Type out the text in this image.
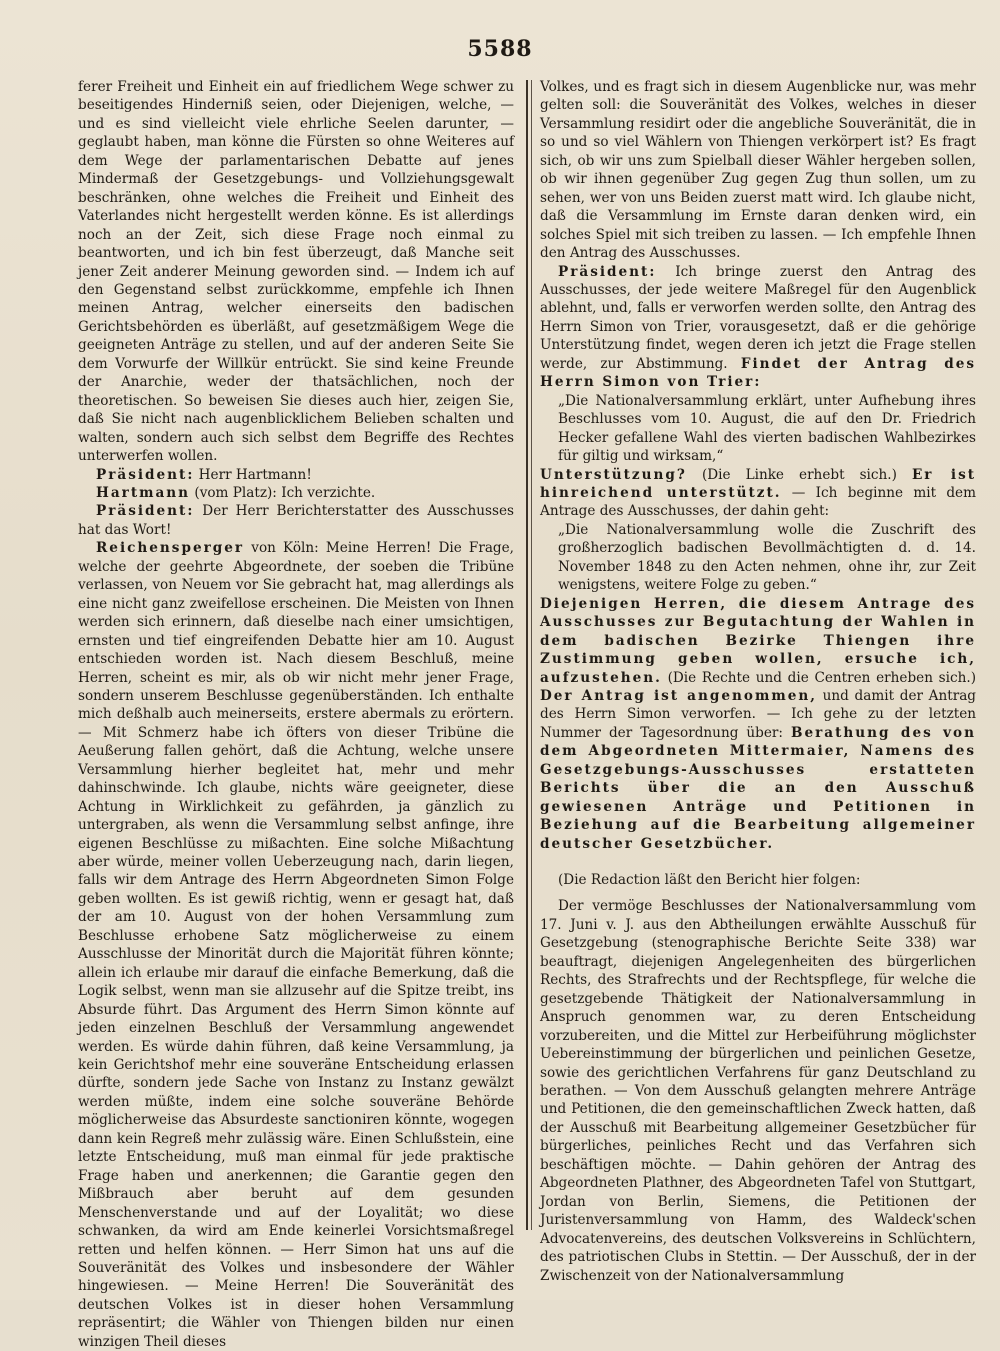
5588

ferer Freiheit und Einheit ein auf friedlichem Wege schwer zu beseitigendes Hinderniß seien, oder Diejenigen, welche, — und es sind vielleicht viele ehrliche Seelen darunter, — geglaubt haben, man könne die Fürsten so ohne Weiteres auf dem Wege der parlamentarischen Debatte auf jenes Mindermaß der Gesetzgebungs- und Vollziehungsgewalt beschränken, ohne welches die Freiheit und Einheit des Vaterlandes nicht hergestellt werden könne. Es ist allerdings noch an der Zeit, sich diese Frage noch einmal zu beantworten, und ich bin fest überzeugt, daß Manche seit jener Zeit anderer Meinung geworden sind. — Indem ich auf den Gegenstand selbst zurückkomme, empfehle ich Ihnen meinen Antrag, welcher einerseits den badischen Gerichtsbehörden es überläßt, auf gesetzmäßigem Wege die geeigneten Anträge zu stellen, und auf der anderen Seite Sie dem Vorwurfe der Willkür entrückt. Sie sind keine Freunde der Anarchie, weder der thatsächlichen, noch der theoretischen. So beweisen Sie dieses auch hier, zeigen Sie, daß Sie nicht nach augenblicklichem Belieben schalten und walten, sondern auch sich selbst dem Begriffe des Rechtes unterwerfen wollen.

Präsident: Herr Hartmann!

Hartmann (vom Platz): Ich verzichte.

Präsident: Der Herr Berichterstatter des Ausschusses hat das Wort!

Reichensperger von Köln: Meine Herren! Die Frage, welche der geehrte Abgeordnete, der soeben die Tribüne verlassen, von Neuem vor Sie gebracht hat, mag allerdings als eine nicht ganz zweifellose erscheinen. Die Meisten von Ihnen werden sich erinnern, daß dieselbe nach einer umsichtigen, ernsten und tief eingreifenden Debatte hier am 10. August entschieden worden ist. Nach diesem Beschluß, meine Herren, scheint es mir, als ob wir nicht mehr jener Frage, sondern unserem Beschlusse gegenüberständen. Ich enthalte mich deßhalb auch meinerseits, erstere abermals zu erörtern. — Mit Schmerz habe ich öfters von dieser Tribüne die Aeußerung fallen gehört, daß die Achtung, welche unsere Versammlung hierher begleitet hat, mehr und mehr dahinschwinde. Ich glaube, nichts wäre geeigneter, diese Achtung in Wirklichkeit zu gefährden, ja gänzlich zu untergraben, als wenn die Versammlung selbst anfinge, ihre eigenen Beschlüsse zu mißachten. Eine solche Mißachtung aber würde, meiner vollen Ueberzeugung nach, darin liegen, falls wir dem Antrage des Herrn Abgeordneten Simon Folge geben wollten. Es ist gewiß richtig, wenn er gesagt hat, daß der am 10. August von der hohen Versammlung zum Beschlusse erhobene Satz möglicherweise zu einem Ausschlusse der Minorität durch die Majorität führen könnte; allein ich erlaube mir darauf die einfache Bemerkung, daß die Logik selbst, wenn man sie allzusehr auf die Spitze treibt, ins Absurde führt. Das Argument des Herrn Simon könnte auf jeden einzelnen Beschluß der Versammlung angewendet werden. Es würde dahin führen, daß keine Versammlung, ja kein Gerichtshof mehr eine souveräne Entscheidung erlassen dürfte, sondern jede Sache von Instanz zu Instanz gewälzt werden müßte, indem eine solche souveräne Behörde möglicherweise das Absurdeste sanctioniren könnte, wogegen dann kein Regreß mehr zulässig wäre. Einen Schlußstein, eine letzte Entscheidung, muß man einmal für jede praktische Frage haben und anerkennen; die Garantie gegen den Mißbrauch aber beruht auf dem gesunden Menschenverstande und auf der Loyalität; wo diese schwanken, da wird am Ende keinerlei Vorsichtsmaßregel retten und helfen können. — Herr Simon hat uns auf die Souveränität des Volkes und insbesondere der Wähler hingewiesen. — Meine Herren! Die Souveränität des deutschen Volkes ist in dieser hohen Versammlung repräsentirt; die Wähler von Thiengen bilden nur einen winzigen Theil dieses

Volkes, und es fragt sich in diesem Augenblicke nur, was mehr gelten soll: die Souveränität des Volkes, welches in dieser Versammlung residirt oder die angebliche Souveränität, die in so und so viel Wählern von Thiengen verkörpert ist? Es fragt sich, ob wir uns zum Spielball dieser Wähler hergeben sollen, ob wir ihnen gegenüber Zug gegen Zug thun sollen, um zu sehen, wer von uns Beiden zuerst matt wird. Ich glaube nicht, daß die Versammlung im Ernste daran denken wird, ein solches Spiel mit sich treiben zu lassen. — Ich empfehle Ihnen den Antrag des Ausschusses.

Präsident: Ich bringe zuerst den Antrag des Ausschusses, der jede weitere Maßregel für den Augenblick ablehnt, und, falls er verworfen werden sollte, den Antrag des Herrn Simon von Trier, vorausgesetzt, daß er die gehörige Unterstützung findet, wegen deren ich jetzt die Frage stellen werde, zur Abstimmung. Findet der Antrag des Herrn Simon von Trier:

„Die Nationalversammlung erklärt, unter Aufhebung ihres Beschlusses vom 10. August, die auf den Dr. Friedrich Hecker gefallene Wahl des vierten badischen Wahlbezirkes für giltig und wirksam,“

Unterstützung? (Die Linke erhebt sich.) Er ist hinreichend unterstützt. — Ich beginne mit dem Antrage des Ausschusses, der dahin geht:

„Die Nationalversammlung wolle die Zuschrift des großherzoglich badischen Bevollmächtigten d. d. 14. November 1848 zu den Acten nehmen, ohne ihr, zur Zeit wenigstens, weitere Folge zu geben.“

Diejenigen Herren, die diesem Antrage des Ausschusses zur Begutachtung der Wahlen in dem badischen Bezirke Thiengen ihre Zustimmung geben wollen, ersuche ich, aufzustehen. (Die Rechte und die Centren erheben sich.) Der Antrag ist angenommen, und damit der Antrag des Herrn Simon verworfen. — Ich gehe zu der letzten Nummer der Tagesordnung über: Berathung des von dem Abgeordneten Mittermaier, Namens des Gesetzgebungs-Ausschusses erstatteten Berichts über die an den Ausschuß gewiesenen Anträge und Petitionen in Beziehung auf die Bearbeitung allgemeiner deutscher Gesetzbücher.

(Die Redaction läßt den Bericht hier folgen:

Der vermöge Beschlusses der Nationalversammlung vom 17. Juni v. J. aus den Abtheilungen erwählte Ausschuß für Gesetzgebung (stenographische Berichte Seite 338) war beauftragt, diejenigen Angelegenheiten des bürgerlichen Rechts, des Strafrechts und der Rechtspflege, für welche die gesetzgebende Thätigkeit der Nationalversammlung in Anspruch genommen war, zu deren Entscheidung vorzubereiten, und die Mittel zur Herbeiführung möglichster Uebereinstimmung der bürgerlichen und peinlichen Gesetze, sowie des gerichtlichen Verfahrens für ganz Deutschland zu berathen. — Von dem Ausschuß gelangten mehrere Anträge und Petitionen, die den gemeinschaftlichen Zweck hatten, daß der Ausschuß mit Bearbeitung allgemeiner Gesetzbücher für bürgerliches, peinliches Recht und das Verfahren sich beschäftigen möchte. — Dahin gehören der Antrag des Abgeordneten Plathner, des Abgeordneten Tafel von Stuttgart, Jordan von Berlin, Siemens, die Petitionen der Juristenversammlung von Hamm, des Waldeck'schen Advocatenvereins, des deutschen Volksvereins in Schlüchtern, des patriotischen Clubs in Stettin. — Der Ausschuß, der in der Zwischenzeit von der Nationalversammlung
